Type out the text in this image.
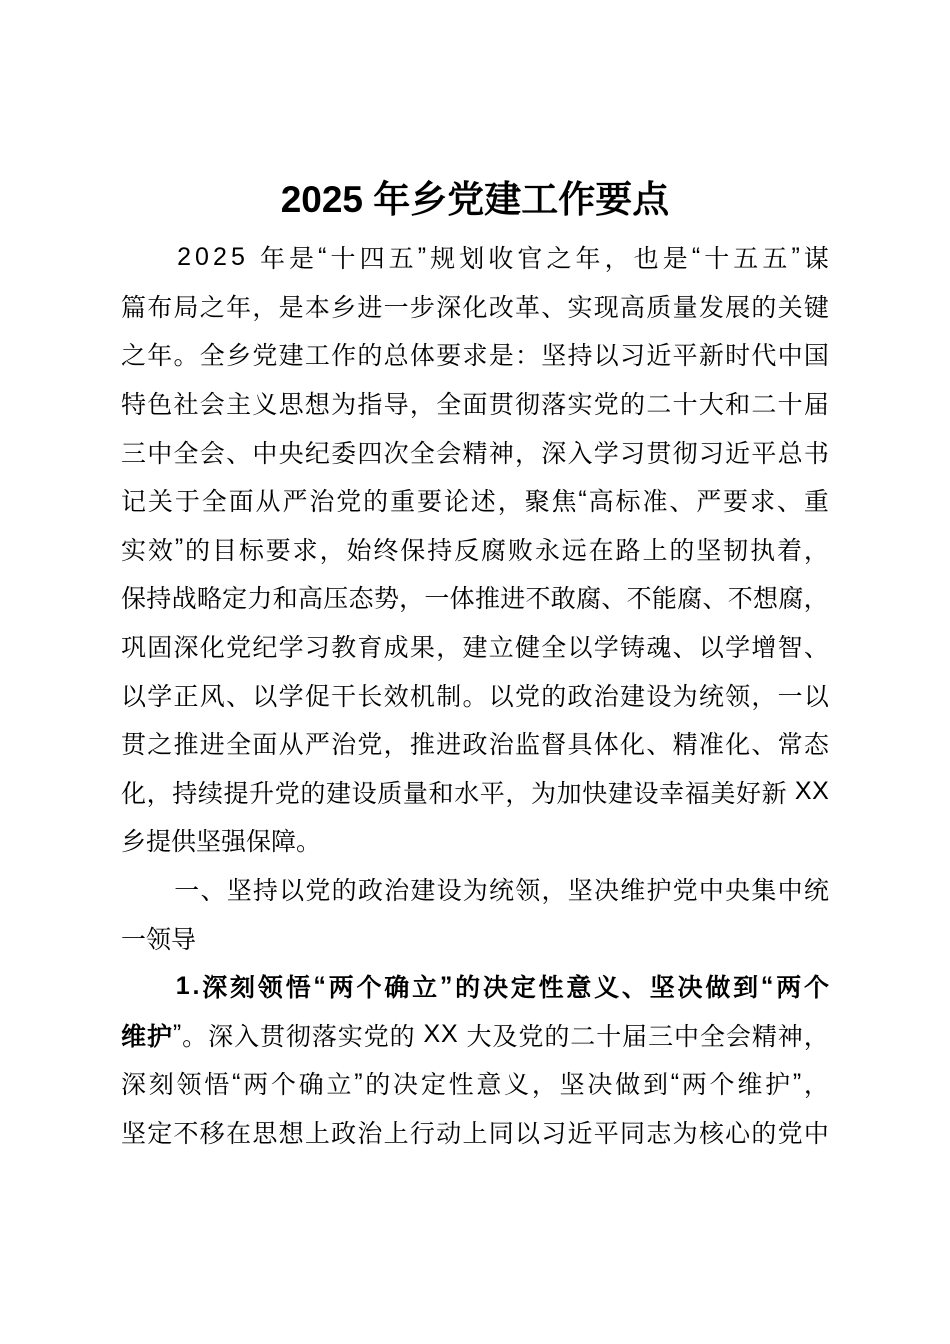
2025 年乡党建工作要点
2 0 2 5
年 是 “ 十 四 五 ” 规 划 收 官 之 年 ， 也 是 “ 十 五 五 ” 谋
篇 布 局 之 年 ， 是 本 乡 进 一 步 深 化 改 革 、 实 现 高 质 量 发 展 的 关 键
之 年 。 全 乡 党 建 工 作 的 总 体 要 求 是 ： 坚 持 以 习 近 平 新 时 代 中 国
特 色 社 会 主 义 思 想 为 指 导 ， 全 面 贯 彻 落 实 党 的 二 十 大 和 二 十 届
三 中 全 会 、 中 央 纪 委 四 次 全 会 精 神 ， 深 入 学 习 贯 彻 习 近 平 总 书
记 关 于 全 面 从 严 治 党 的 重 要 论 述 ， 聚 焦 “ 高 标 准 、 严 要 求 、 重
实 效 ” 的 目 标 要 求 ， 始 终 保 持 反 腐 败 永 远 在 路 上 的 坚 韧 执 着 ，
保 持 战 略 定 力 和 高 压 态 势 ， 一 体 推 进 不 敢 腐 、 不 能 腐 、 不 想 腐 ，
巩 固 深 化 党 纪 学 习 教 育 成 果 ， 建 立 健 全 以 学 铸 魂 、 以 学 增 智 、
以 学 正 风 、 以 学 促 干 长 效 机 制 。 以 党 的 政 治 建 设 为 统 领 ， 一 以
贯 之 推 进 全 面 从 严 治 党 ， 推 进 政 治 监 督 具 体 化 、 精 准 化 、 常 态
化 ， 持 续 提 升 党 的 建 设 质 量 和 水 平 ， 为 加 快 建 设 幸 福 美 好 新
X X
乡提供坚强保障。
一 、 坚 持 以 党 的 政 治 建 设 为 统 领 ， 坚 决 维 护 党 中 央 集 中 统
一领导
1 . 深 刻 领 悟 “ 两 个 确 立 ” 的 决 定 性 意 义 、 坚 决 做 到 “ 两 个
维 护 ” 。 深 入 贯 彻 落 实 党 的
X X
大 及 党 的 二 十 届 三 中 全 会 精 神 ，
深 刻 领 悟 “ 两 个 确 立 ” 的 决 定 性 意 义 ， 坚 决 做 到 “ 两 个 维 护 ” ，
坚 定 不 移 在 思 想 上 政 治 上 行 动 上 同 以 习 近 平 同 志 为 核 心 的 党 中
